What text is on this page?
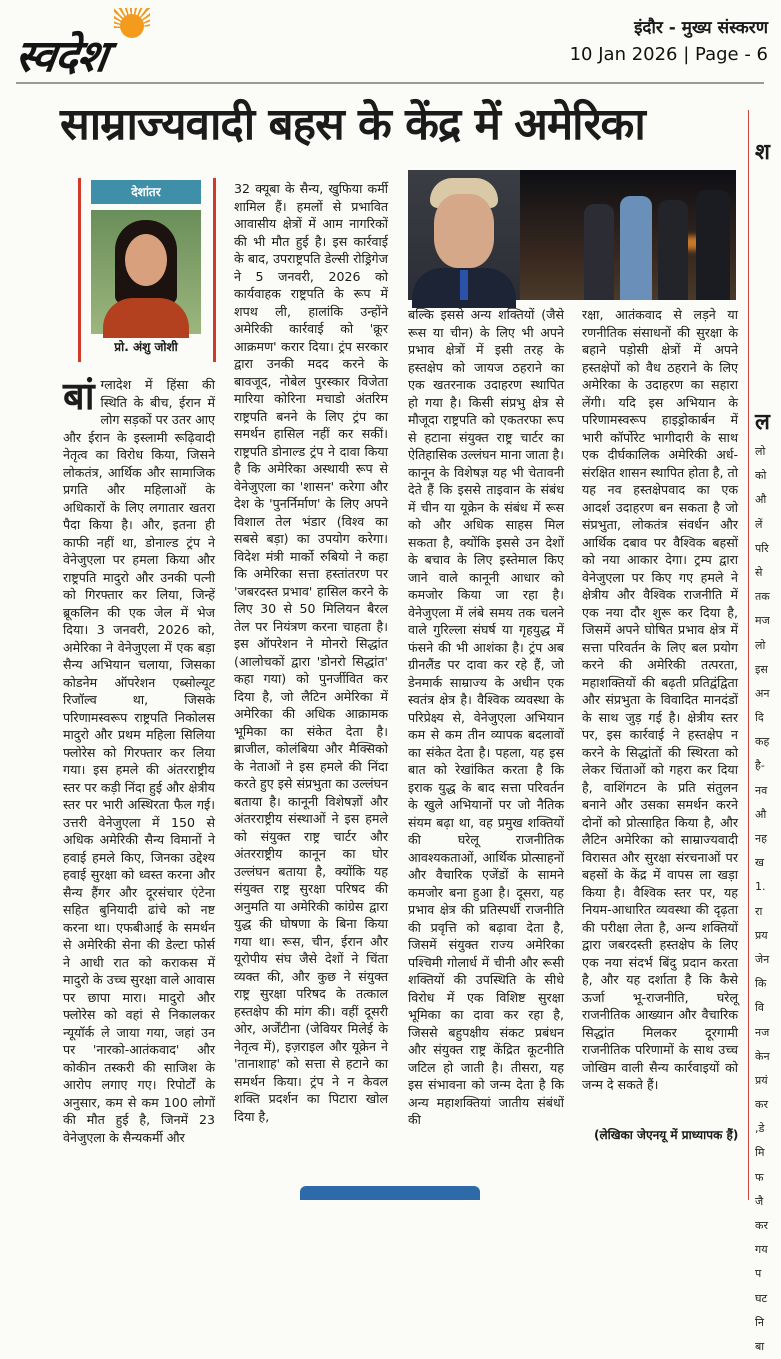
स्वदेश
इंदौर - मुख्य संस्करण
10 Jan 2026 | Page - 6
साम्राज्यवादी बहस के केंद्र में अमेरिका
देशांतर
प्रो. अंशु जोशी
बांग्लादेश में हिंसा की स्थिति के बीच, ईरान में लोग सड़कों पर उतर आए और ईरान के इस्लामी रूढ़िवादी नेतृत्व का विरोध किया, जिसने लोकतंत्र, आर्थिक और सामाजिक प्रगति और महिलाओं के अधिकारों के लिए लगातार खतरा पैदा किया है। और, इतना ही काफी नहीं था, डोनाल्ड ट्रंप ने वेनेजुएला पर हमला किया और राष्ट्रपति मादुरो और उनकी पत्नी को गिरफ्तार कर लिया, जिन्हें ब्रूकलिन की एक जेल में भेज दिया। 3 जनवरी, 2026 को, अमेरिका ने वेनेजुएला में एक बड़ा सैन्य अभियान चलाया, जिसका कोडनेम ऑपरेशन एब्सोल्यूट रिजॉल्व था, जिसके परिणामस्वरूप राष्ट्रपति निकोलस मादुरो और प्रथम महिला सिलिया फ्लोरेस को गिरफ्तार कर लिया गया। इस हमले की अंतरराष्ट्रीय स्तर पर कड़ी निंदा हुई और क्षेत्रीय स्तर पर भारी अस्थिरता फैल गई। उत्तरी वेनेजुएला में 150 से अधिक अमेरिकी सैन्य विमानों ने हवाई हमले किए, जिनका उद्देश्य हवाई सुरक्षा को ध्वस्त करना और सैन्य हैंगर और दूरसंचार एंटेना सहित बुनियादी ढांचे को नष्ट करना था। एफबीआई के समर्थन से अमेरिकी सेना की डेल्टा फोर्स ने आधी रात को कराकस में मादुरो के उच्च सुरक्षा वाले आवास पर छापा मारा। मादुरो और फ्लोरेस को वहां से निकालकर न्यूयॉर्क ले जाया गया, जहां उन पर 'नारको-आतंकवाद' और कोकीन तस्करी की साजिश के आरोप लगाए गए। रिपोर्टों के अनुसार, कम से कम 100 लोगों की मौत हुई है, जिनमें 23 वेनेजुएला के सैन्यकर्मी और
32 क्यूबा के सैन्य, खुफिया कर्मी शामिल हैं। हमलों से प्रभावित आवासीय क्षेत्रों में आम नागरिकों की भी मौत हुई है। इस कार्रवाई के बाद, उपराष्ट्रपति डेल्सी रोड्रिगेज ने 5 जनवरी, 2026 को कार्यवाहक राष्ट्रपति के रूप में शपथ ली, हालांकि उन्होंने अमेरिकी कार्रवाई को 'क्रूर आक्रमण' करार दिया। ट्रंप सरकार द्वारा उनकी मदद करने के बावजूद, नोबेल पुरस्कार विजेता मारिया कोरिना मचाडो अंतरिम राष्ट्रपति बनने के लिए ट्रंप का समर्थन हासिल नहीं कर सकीं। राष्ट्रपति डोनाल्ड ट्रंप ने दावा किया है कि अमेरिका अस्थायी रूप से वेनेजुएला का 'शासन' करेगा और देश के 'पुनर्निर्माण' के लिए अपने विशाल तेल भंडार (विश्व का सबसे बड़ा) का उपयोग करेगा। विदेश मंत्री मार्को रुबियो ने कहा कि अमेरिका सत्ता हस्तांतरण पर 'जबरदस्त प्रभाव' हासिल करने के लिए 30 से 50 मिलियन बैरल तेल पर नियंत्रण करना चाहता है। इस ऑपरेशन ने मोनरो सिद्धांत (आलोचकों द्वारा 'डोनरो सिद्धांत' कहा गया) को पुनर्जीवित कर दिया है, जो लैटिन अमेरिका में अमेरिका की अधिक आक्रामक भूमिका का संकेत देता है। ब्राजील, कोलंबिया और मैक्सिको के नेताओं ने इस हमले की निंदा करते हुए इसे संप्रभुता का उल्लंघन बताया है। कानूनी विशेषज्ञों और अंतरराष्ट्रीय संस्थाओं ने इस हमले को संयुक्त राष्ट्र चार्टर और अंतरराष्ट्रीय कानून का घोर उल्लंघन बताया है, क्योंकि यह संयुक्त राष्ट्र सुरक्षा परिषद की अनुमति या अमेरिकी कांग्रेस द्वारा युद्ध की घोषणा के बिना किया गया था। रूस, चीन, ईरान और यूरोपीय संघ जैसे देशों ने चिंता व्यक्त की, और कुछ ने संयुक्त राष्ट्र सुरक्षा परिषद के तत्काल हस्तक्षेप की मांग की। वहीं दूसरी ओर, अर्जेंटीना (जेवियर मिलेई के नेतृत्व में), इज़राइल और यूक्रेन ने 'तानाशाह' को सत्ता से हटाने का समर्थन किया। ट्रंप ने न केवल शक्ति प्रदर्शन का पिटारा खोल दिया है,
बल्कि इससे अन्य शक्तियों (जैसे रूस या चीन) के लिए भी अपने प्रभाव क्षेत्रों में इसी तरह के हस्तक्षेप को जायज ठहराने का एक खतरनाक उदाहरण स्थापित हो गया है। किसी संप्रभु क्षेत्र से मौजूदा राष्ट्रपति को एकतरफा रूप से हटाना संयुक्त राष्ट्र चार्टर का ऐतिहासिक उल्लंघन माना जाता है। कानून के विशेषज्ञ यह भी चेतावनी देते हैं कि इससे ताइवान के संबंध में चीन या यूक्रेन के संबंध में रूस को और अधिक साहस मिल सकता है, क्योंकि इससे उन देशों के बचाव के लिए इस्तेमाल किए जाने वाले कानूनी आधार को कमजोर किया जा रहा है। वेनेजुएला में लंबे समय तक चलने वाले गुरिल्ला संघर्ष या गृहयुद्ध में फंसने की भी आशंका है। ट्रंप अब ग्रीनलैंड पर दावा कर रहे हैं, जो डेनमार्क साम्राज्य के अधीन एक स्वतंत्र क्षेत्र है। वैश्विक व्यवस्था के परिप्रेक्ष्य से, वेनेजुएला अभियान कम से कम तीन व्यापक बदलावों का संकेत देता है। पहला, यह इस बात को रेखांकित करता है कि इराक युद्ध के बाद सत्ता परिवर्तन के खुले अभियानों पर जो नैतिक संयम बढ़ा था, वह प्रमुख शक्तियों की घरेलू राजनीतिक आवश्यकताओं, आर्थिक प्रोत्साहनों और वैचारिक एजेंडों के सामने कमजोर बना हुआ है। दूसरा, यह प्रभाव क्षेत्र की प्रतिस्पर्धी राजनीति की प्रवृत्ति को बढ़ावा देता है, जिसमें संयुक्त राज्य अमेरिका पश्चिमी गोलार्ध में चीनी और रूसी शक्तियों की उपस्थिति के सीधे विरोध में एक विशिष्ट सुरक्षा भूमिका का दावा कर रहा है, जिससे बहुपक्षीय संकट प्रबंधन और संयुक्त राष्ट्र केंद्रित कूटनीति जटिल हो जाती है। तीसरा, यह इस संभावना को जन्म देता है कि अन्य महाशक्तियां जातीय संबंधों की
रक्षा, आतंकवाद से लड़ने या रणनीतिक संसाधनों की सुरक्षा के बहाने पड़ोसी क्षेत्रों में अपने हस्तक्षेपों को वैध ठहराने के लिए अमेरिका के उदाहरण का सहारा लेंगी। यदि इस अभियान के परिणामस्वरूप हाइड्रोकार्बन में भारी कॉर्पोरेट भागीदारी के साथ एक दीर्घकालिक अमेरिकी अर्ध-संरक्षित शासन स्थापित होता है, तो यह नव हस्तक्षेपवाद का एक आदर्श उदाहरण बन सकता है जो संप्रभुता, लोकतंत्र संवर्धन और आर्थिक दबाव पर वैश्विक बहसों को नया आकार देगा। ट्रम्प द्वारा वेनेजुएला पर किए गए हमले ने क्षेत्रीय और वैश्विक राजनीति में एक नया दौर शुरू कर दिया है, जिसमें अपने घोषित प्रभाव क्षेत्र में सत्ता परिवर्तन के लिए बल प्रयोग करने की अमेरिकी तत्परता, महाशक्तियों की बढ़ती प्रतिद्वंद्विता और संप्रभुता के विवादित मानदंडों के साथ जुड़ गई है। क्षेत्रीय स्तर पर, इस कार्रवाई ने हस्तक्षेप न करने के सिद्धांतों की स्थिरता को लेकर चिंताओं को गहरा कर दिया है, वाशिंगटन के प्रति संतुलन बनाने और उसका समर्थन करने दोनों को प्रोत्साहित किया है, और लैटिन अमेरिका को साम्राज्यवादी विरासत और सुरक्षा संरचनाओं पर बहसों के केंद्र में वापस ला खड़ा किया है। वैश्विक स्तर पर, यह नियम-आधारित व्यवस्था की दृढ़ता की परीक्षा लेता है, अन्य शक्तियों द्वारा जबरदस्ती हस्तक्षेप के लिए एक नया संदर्भ बिंदु प्रदान करता है, और यह दर्शाता है कि कैसे ऊर्जा भू-राजनीति, घरेलू राजनीतिक आख्यान और वैचारिक सिद्धांत मिलकर दूरगामी राजनीतिक परिणामों के साथ उच्च जोखिम वाली सैन्य कार्रवाइयों को जन्म दे सकते हैं।
(लेखिका जेएनयू में प्राध्यापक हैं)
श
ल
लो
को
औ
लें
परि
से
तक
मज
लो
इस
अन
दि
कह
है-
नव
औ
नह
ख
1.
रा
प्रय
जेन
कि
वि
नज
केन
प्रयं
कर
,डे
मि
फ
जै
कर
गय
प
घट
नि
बा
